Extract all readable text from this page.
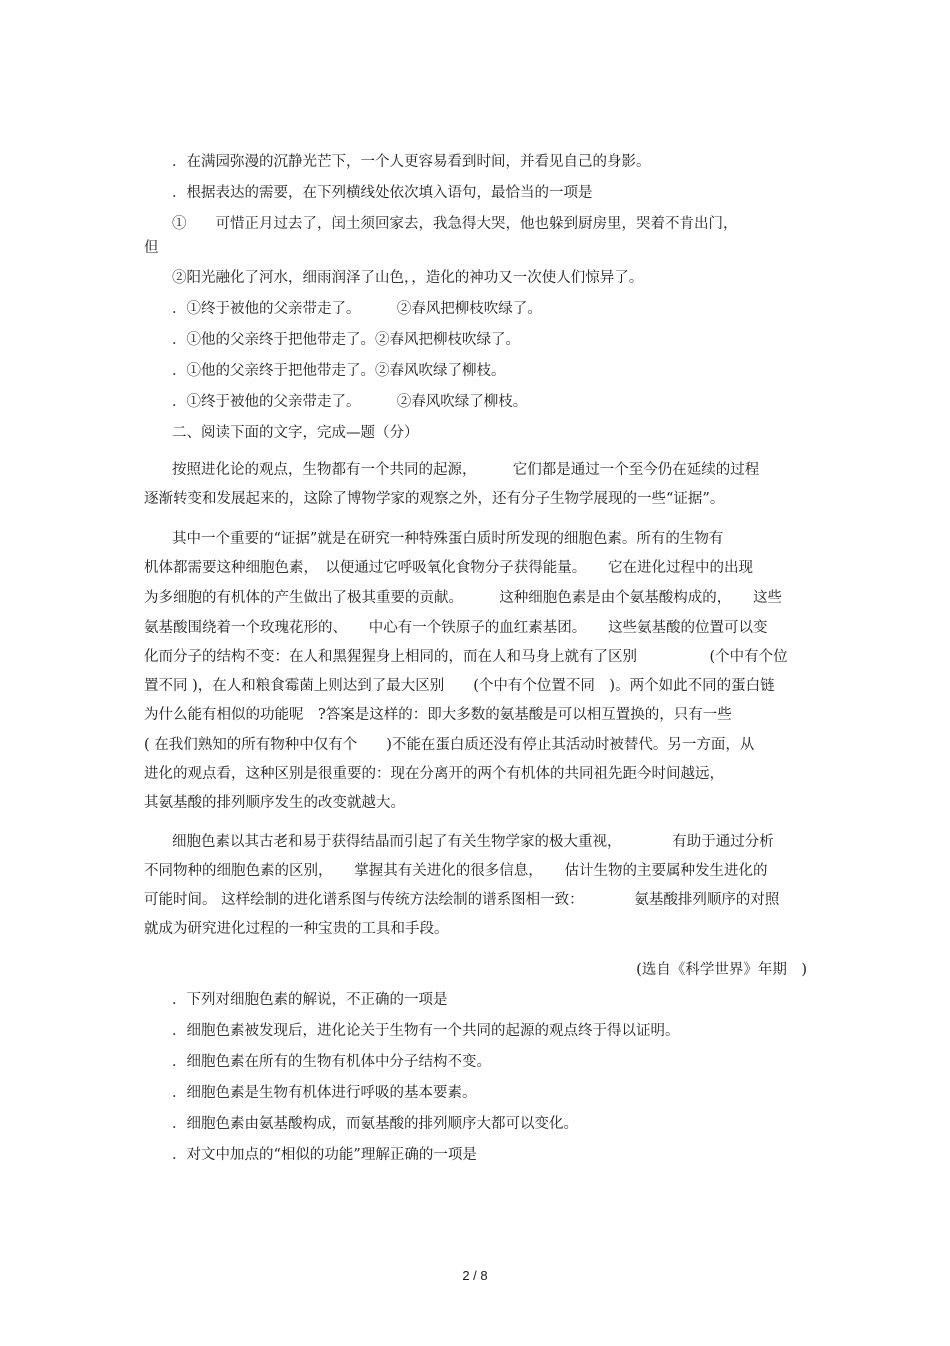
．在满园弥漫的沉静光芒下，一个人更容易看到时间，并看见自己的身影。
．根据表达的需要，在下列横线处依次填入语句，最恰当的一项是
①　　可惜正月过去了，闰土须回家去，我急得大哭，他也躲到厨房里，哭着不肯出门，
但
②阳光融化了河水，细雨润泽了山色，，造化的神功又一次使人们惊异了。
．①终于被他的父亲带走了。　　　②春风把柳枝吹绿了。
．①他的父亲终于把他带走了。②春风把柳枝吹绿了。
．①他的父亲终于把他带走了。②春风吹绿了柳枝。
．①终于被他的父亲带走了。　　　②春风吹绿了柳枝。
二、阅读下面的文字，完成—题（分）
按照进化论的观点，生物都有一个共同的起源，　　　它们都是通过一个至今仍在延续的过程
逐渐转变和发展起来的，这除了博物学家的观察之外，还有分子生物学展现的一些“证据”。
其中一个重要的“证据”就是在研究一种特殊蛋白质时所发现的细胞色素。所有的生物有
机体都需要这种细胞色素，　以便通过它呼吸氧化食物分子获得能量。　　它在进化过程中的出现
为多细胞的有机体的产生做出了极其重要的贡献。　　　这种细胞色素是由个氨基酸构成的，　　这些
氨基酸围绕着一个玫瑰花形的、　　中心有一个铁原子的血红素基团。　　这些氨基酸的位置可以变
化而分子的结构不变：在人和黑猩猩身上相同的，而在人和马身上就有了区别　　　　　(个中有个位
置不同 )，在人和粮食霉菌上则达到了最大区别　　(个中有个位置不同　)。两个如此不同的蛋白链
为什么能有相似的功能呢　?答案是这样的：即大多数的氨基酸是可以相互置换的，只有一些
( 在我们熟知的所有物种中仅有个　　)不能在蛋白质还没有停止其活动时被替代。另一方面，从
进化的观点看，这种区别是很重要的：现在分离开的两个有机体的共同祖先距今时间越远，
其氨基酸的排列顺序发生的改变就越大。
细胞色素以其古老和易于获得结晶而引起了有关生物学家的极大重视，　　　　有助于通过分析
不同物种的细胞色素的区别，　　掌握其有关进化的很多信息，　　估计生物的主要属种发生进化的
可能时间。 这样绘制的进化谱系图与传统方法绘制的谱系图相一致：　　　　氨基酸排列顺序的对照
就成为研究进化过程的一种宝贵的工具和手段。
(选自《科学世界》年期　)
．下列对细胞色素的解说，不正确的一项是
．细胞色素被发现后，进化论关于生物有一个共同的起源的观点终于得以证明。
．细胞色素在所有的生物有机体中分子结构不变。
．细胞色素是生物有机体进行呼吸的基本要素。
．细胞色素由氨基酸构成，而氨基酸的排列顺序大都可以变化。
．对文中加点的“相似的功能”理解正确的一项是
2 / 8
